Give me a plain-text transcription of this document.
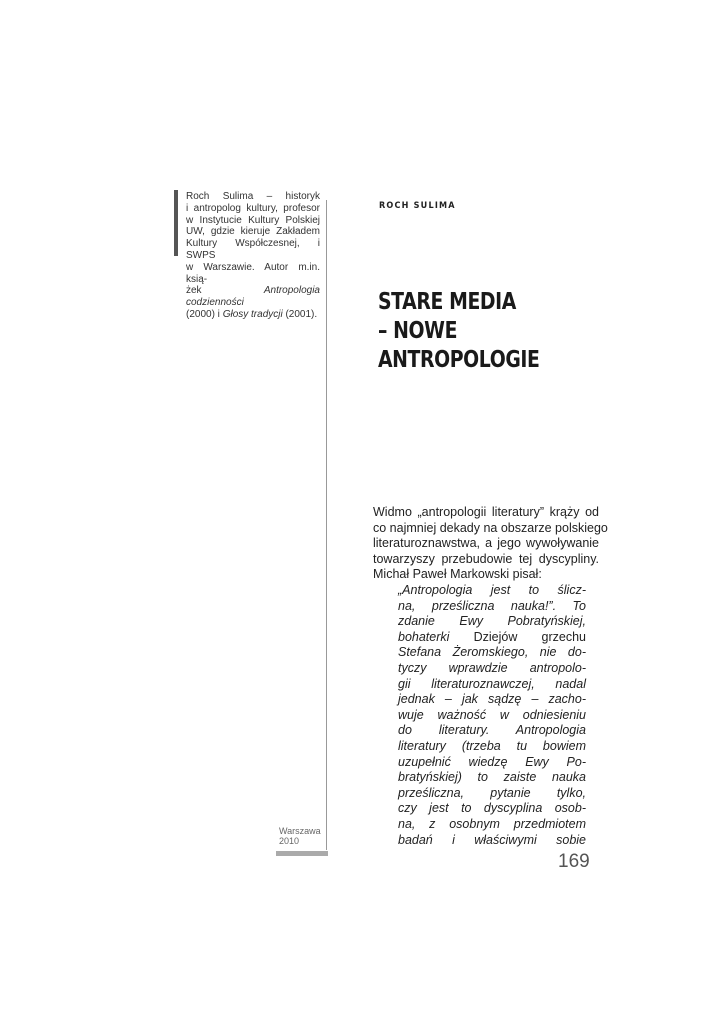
Roch Sulima – historyk
i antropolog kultury, profesor
w Instytucie Kultury Polskiej
UW, gdzie kieruje Zakładem
Kultury Współczesnej, i SWPS
w Warszawie. Autor m.in. ksią-
żek Antropologia codzienności
(2000) i Głosy tradycji (2001).
Warszawa
2010
ROCH SULIMA
STARE MEDIA
– NOWE
ANTROPOLOGIE
Widmo „antropologii literatury” krąży od
co najmniej dekady na obszarze polskiego
literaturoznawstwa, a jego wywoływanie
towarzyszy przebudowie tej dyscypliny.
Michał Paweł Markowski pisał:
„Antropologia jest to ślicz-
na, prześliczna nauka!”. To
zdanie Ewy Pobratyńskiej,
bohaterki Dziejów grzechu
Stefana Żeromskiego, nie do-
tyczy wprawdzie antropolo-
gii literaturoznawczej, nadal
jednak – jak sądzę – zacho-
wuje ważność w odniesieniu
do literatury. Antropologia
literatury (trzeba tu bowiem
uzupełnić wiedzę Ewy Po-
bratyńskiej) to zaiste nauka
prześliczna, pytanie tylko,
czy jest to dyscyplina osob-
na, z osobnym przedmiotem
badań i właściwymi sobie
169
